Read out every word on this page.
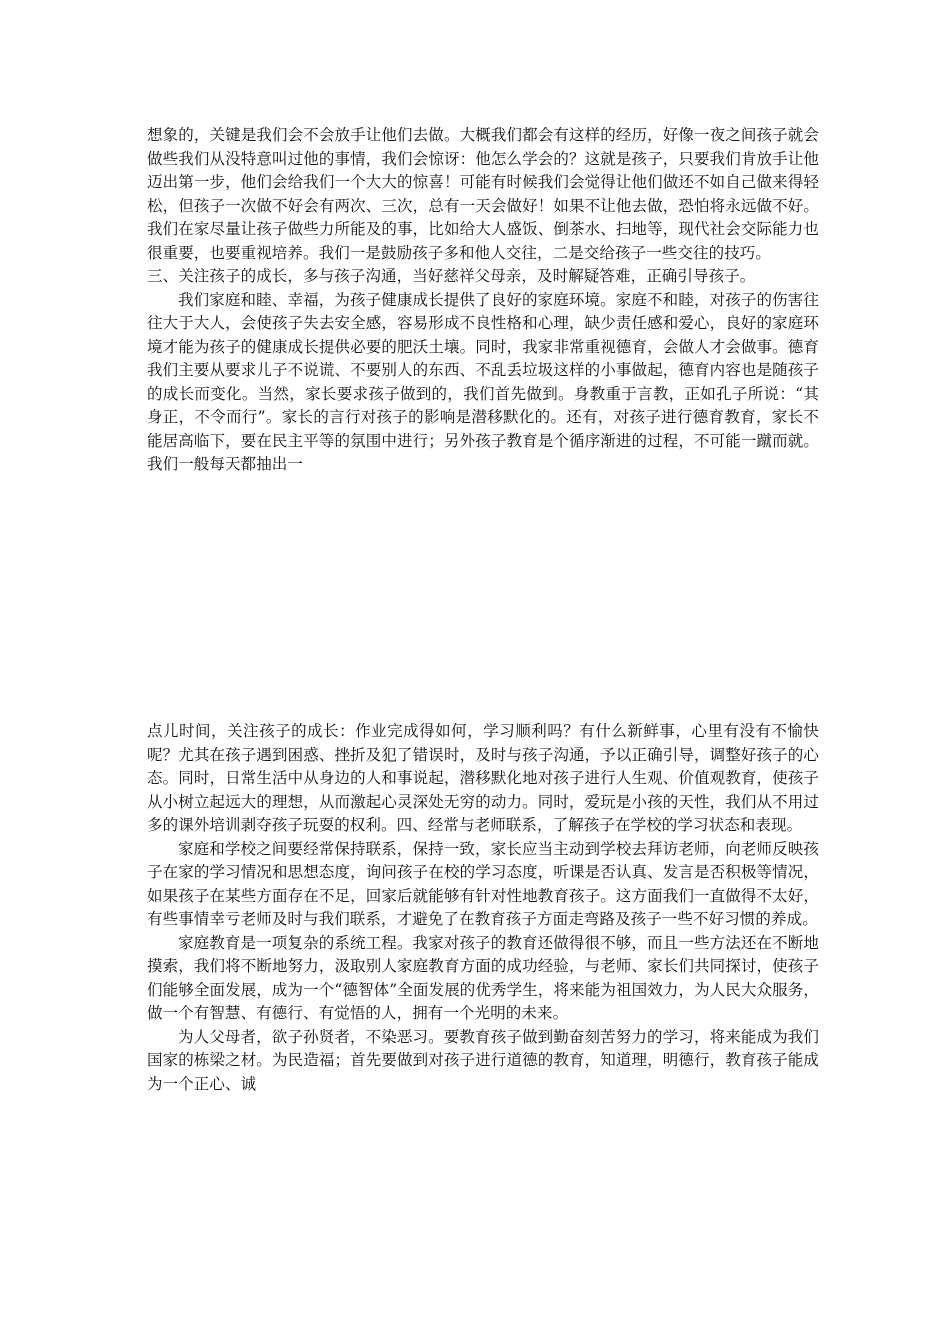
想象的，关键是我们会不会放手让他们去做。大概我们都会有这样的经历，好像一夜之间孩子就会做些我们从没特意叫过他的事情，我们会惊讶：他怎么学会的？这就是孩子，只要我们肯放手让他迈出第一步，他们会给我们一个大大的惊喜！可能有时候我们会觉得让他们做还不如自己做来得轻松，但孩子一次做不好会有两次、三次，总有一天会做好！如果不让他去做，恐怕将永远做不好。我们在家尽量让孩子做些力所能及的事，比如给大人盛饭、倒茶水、扫地等，现代社会交际能力也很重要，也要重视培养。我们一是鼓励孩子多和他人交往，二是交给孩子一些交往的技巧。

三、关注孩子的成长，多与孩子沟通，当好慈祥父母亲，及时解疑答难，正确引导孩子。

我们家庭和睦、幸福，为孩子健康成长提供了良好的家庭环境。家庭不和睦，对孩子的伤害往往大于大人，会使孩子失去安全感，容易形成不良性格和心理，缺少责任感和爱心，良好的家庭环境才能为孩子的健康成长提供必要的肥沃土壤。同时，我家非常重视德育，会做人才会做事。德育我们主要从要求儿子不说谎、不要别人的东西、不乱丢垃圾这样的小事做起，德育内容也是随孩子的成长而变化。当然，家长要求孩子做到的，我们首先做到。身教重于言教，正如孔子所说：“其身正，不令而行”。家长的言行对孩子的影响是潜移默化的。还有，对孩子进行德育教育，家长不能居高临下，要在民主平等的氛围中进行；另外孩子教育是个循序渐进的过程，不可能一蹴而就。我们一般每天都抽出一

点儿时间，关注孩子的成长：作业完成得如何，学习顺利吗？有什么新鲜事，心里有没有不愉快呢？尤其在孩子遇到困惑、挫折及犯了错误时，及时与孩子沟通，予以正确引导，调整好孩子的心态。同时，日常生活中从身边的人和事说起，潜移默化地对孩子进行人生观、价值观教育，使孩子从小树立起远大的理想，从而激起心灵深处无穷的动力。同时，爱玩是小孩的天性，我们从不用过多的课外培训剥夺孩子玩耍的权利。四、经常与老师联系，了解孩子在学校的学习状态和表现。

家庭和学校之间要经常保持联系，保持一致，家长应当主动到学校去拜访老师，向老师反映孩子在家的学习情况和思想态度，询问孩子在校的学习态度，听课是否认真、发言是否积极等情况，如果孩子在某些方面存在不足，回家后就能够有针对性地教育孩子。这方面我们一直做得不太好，有些事情幸亏老师及时与我们联系，才避免了在教育孩子方面走弯路及孩子一些不好习惯的养成。

家庭教育是一项复杂的系统工程。我家对孩子的教育还做得很不够，而且一些方法还在不断地摸索，我们将不断地努力，汲取别人家庭教育方面的成功经验，与老师、家长们共同探讨，使孩子们能够全面发展，成为一个“德智体”全面发展的优秀学生，将来能为祖国效力，为人民大众服务，做一个有智慧、有德行、有觉悟的人，拥有一个光明的未来。

为人父母者，欲子孙贤者，不染恶习。要教育孩子做到勤奋刻苦努力的学习，将来能成为我们国家的栋梁之材。为民造福；首先要做到对孩子进行道德的教育，知道理，明德行，教育孩子能成为一个正心、诚
